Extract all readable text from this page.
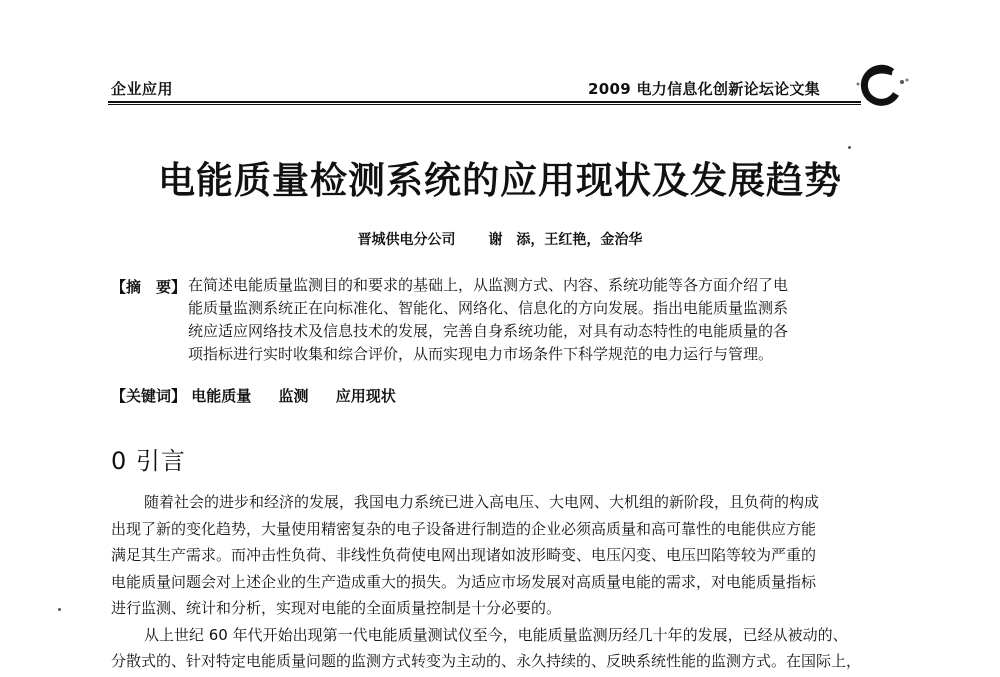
企业应用	2009 电力信息化创新论坛论文集
电能质量检测系统的应用现状及发展趋势
晋城供电分公司 谢　添，王红艳，金治华
【摘　要】 在简述电能质量监测目的和要求的基础上，从监测方式、内容、系统功能等各方面介绍了电
能质量监测系统正在向标准化、智能化、网络化、信息化的方向发展。指出电能质量监测系
统应适应网络技术及信息技术的发展，完善自身系统功能，对具有动态特性的电能质量的各
项指标进行实时收集和综合评价，从而实现电力市场条件下科学规范的电力运行与管理。
【关键词】 电能质量 监测 应用现状
0 引言
随着社会的进步和经济的发展，我国电力系统已进入高电压、大电网、大机组的新阶段，且负荷的构成
出现了新的变化趋势，大量使用精密复杂的电子设备进行制造的企业必须高质量和高可靠性的电能供应方能
满足其生产需求。而冲击性负荷、非线性负荷使电网出现诸如波形畸变、电压闪变、电压凹陷等较为严重的
电能质量问题会对上述企业的生产造成重大的损失。为适应市场发展对高质量电能的需求，对电能质量指标
进行监测、统计和分析，实现对电能的全面质量控制是十分必要的。
从上世纪 60 年代开始出现第一代电能质量测试仪至今，电能质量监测历经几十年的发展，已经从被动的、
分散式的、针对特定电能质量问题的监测方式转变为主动的、永久持续的、反映系统性能的监测方式。在国际上，
